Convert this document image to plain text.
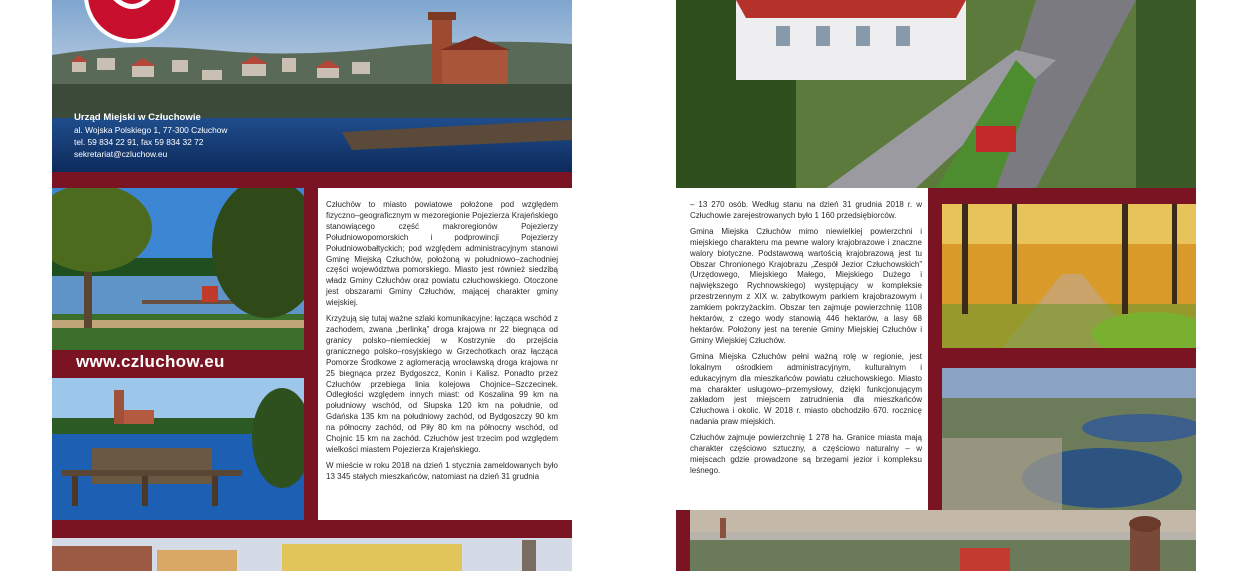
Urząd Miejski w Człuchowie
al. Wojska Polskiego 1, 77-300 Człuchow
tel. 59 834 22 91, fax 59 834 32 72
sekretariat@czluchow.eu
www.czluchow.eu

Człuchów to miasto powiatowe położone pod względem fizyczno–geograficznym w mezoregionie Pojezierza Krajeńskiego stanowiącego część makroregionów Pojezierzy Południowopomorskich i podprowincji Pojezierzy Południowobałtyckich; pod względem administracyjnym stanowi Gminę Miejską Człuchów, położoną w południowo–zachodniej części województwa pomorskiego. Miasto jest również siedzibą władz Gminy Człuchów oraz powiatu człuchowskiego. Otoczone jest obszarami Gminy Człuchów, mającej charakter gminy wiejskiej.

Krzyżują się tutaj ważne szlaki komunikacyjne: łącząca wschód z zachodem, zwana „berlinką” droga krajowa nr 22 biegnąca od granicy polsko–niemieckiej w Kostrzynie do przejścia granicznego polsko–rosyjskiego w Grzechotkach oraz łącząca Pomorze Środkowe z aglomeracją wrocławską droga krajowa nr 25 biegnąca przez Bydgoszcz, Konin i Kalisz. Ponadto przez Człuchów przebiega linia kolejowa Chojnice–Szczecinek. Odległości względem innych miast: od Koszalina 99 km na południowy wschód, od Słupska 120 km na południe, od Gdańska 135 km na południowy zachód, od Bydgoszczy 90 km na północny zachód, od Piły 80 km na północny wschód, od Chojnic 15 km na zachód. Człuchów jest trzecim pod względem wielkości miastem Pojezierza Krajeńskiego.

W mieście w roku 2018 na dzień 1 stycznia zameldowanych było 13 345 stałych mieszkańców, natomiast na dzień 31 grudnia

– 13 270 osób. Według stanu na dzień 31 grudnia 2018 r. w Człuchowie zarejestrowanych było 1 160 przedsiębiorców.

Gmina Miejska Człuchów mimo niewielkiej powierzchni i miejskiego charakteru ma pewne walory krajobrazowe i znaczne walory biotyczne. Podstawową wartością krajobrazową jest tu Obszar Chronionego Krajobrazu „Zespół Jezior Człuchowskich” (Urzędowego, Miejskiego Małego, Miejskiego Dużego i największego Rychnowskiego) występujący w kompleksie przestrzennym z XIX w. zabytkowym parkiem krajobrazowym i zamkiem pokrzyżackim. Obszar ten zajmuje powierzchnię 1108 hektarów, z czego wody stanowią 446 hektarów, a lasy 68 hektarów. Położony jest na terenie Gminy Miejskiej Człuchów i Gminy Wiejskiej Człuchów.

Gmina Miejska Człuchów pełni ważną rolę w regionie, jest lokalnym ośrodkiem administracyjnym, kulturalnym i edukacyjnym dla mieszkańców powiatu człuchowskiego. Miasto ma charakter usługowo–przemysłowy, dzięki funkcjonującym zakładom jest miejscem zatrudnienia dla mieszkańców Człuchowa i okolic. W 2018 r. miasto obchodziło 670. rocznicę nadania praw miejskich.

Człuchów zajmuje powierzchnię 1 278 ha. Granice miasta mają charakter częściowo sztuczny, a częściowo naturalny – w miejscach gdzie prowadzone są brzegami jezior i kompleksu leśnego.
